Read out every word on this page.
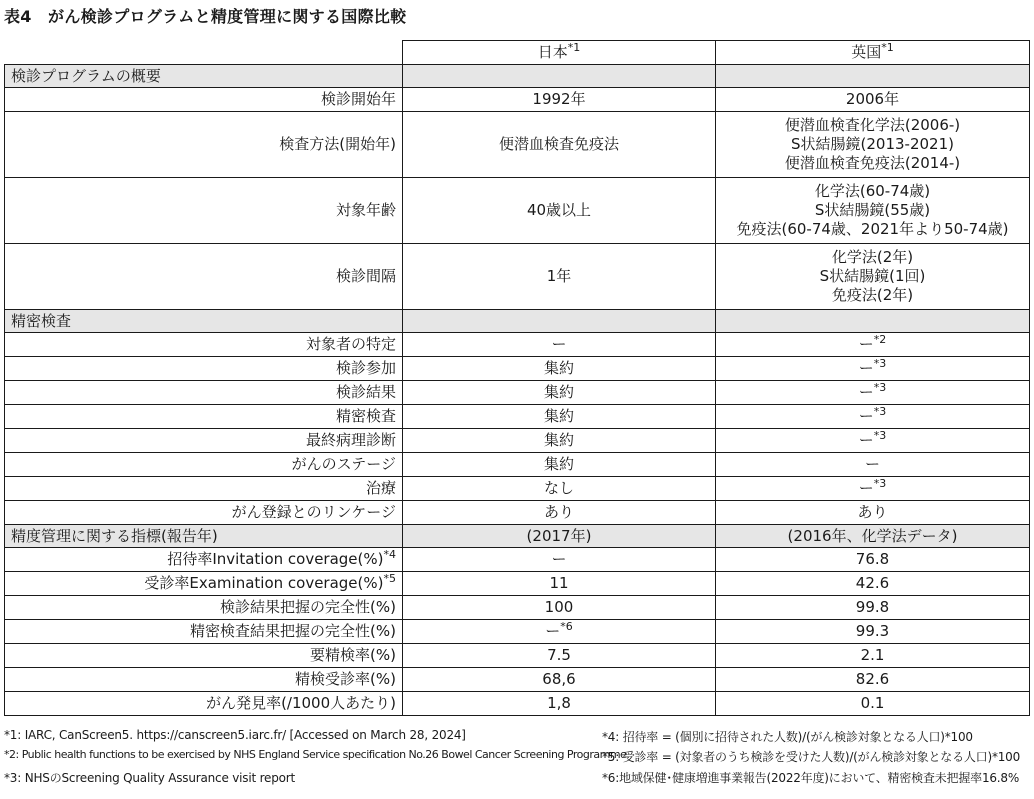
表4　がん検診プログラムと精度管理に関する国際比較
	日本$^{*1}$	英国$^{*1}$
検診プログラムの概要		
検診開始年	1992年	2006年

検査方法(開始年)	便潜血検査免疫法	便潜血検査化学法(2006-)
S状結腸鏡(2013-2021)
便潜血検査免疫法(2014-)

対象年齢	40歳以上	化学法(60-74歳)
S状結腸鏡(55歳)
免疫法(60-74歳、2021年より50-74歳)

検診間隔	1年	化学法(2年)
S状結腸鏡(1回)
免疫法(2年)

精密検査		
対象者の特定	ー	ー$^{*2}$
検診参加	集約	ー$^{*3}$
検診結果	集約	ー$^{*3}$
精密検査	集約	ー$^{*3}$
最終病理診断	集約	ー$^{*3}$
がんのステージ	集約	ー
治療	なし	ー$^{*3}$
がん登録とのリンケージ	あり	あり
精度管理に関する指標(報告年)	(2017年)	(2016年、化学法データ)
招待率Invitation coverage(%)$^{*4}$	ー	76.8
受診率Examination coverage(%)$^{*5}$	11	42.6
検診結果把握の完全性(%)	100	99.8
精密検査結果把握の完全性(%)	ー$^{*6}$	99.3
要精検率(%)	7.5	2.1
精検受診率(%)	68,6	82.6
がん発見率(/1000人あたり)	1,8	0.1
*1: IARC, CanScreen5. https://canscreen5.iarc.fr/ [Accessed on March 28, 2024]
*2: Public health functions to be exercised by NHS England Service specification No.26 Bowel Cancer Screening Programme.
*3: NHSのScreening Quality Assurance visit report
*4: 招待率 = (個別に招待された人数)/(がん検診対象となる人口)*100
*5: 受診率 = (対象者のうち検診を受けた人数)/(がん検診対象となる人口)*100
*6:地域保健･健康増進事業報告(2022年度)において、精密検査未把握率16.8%
